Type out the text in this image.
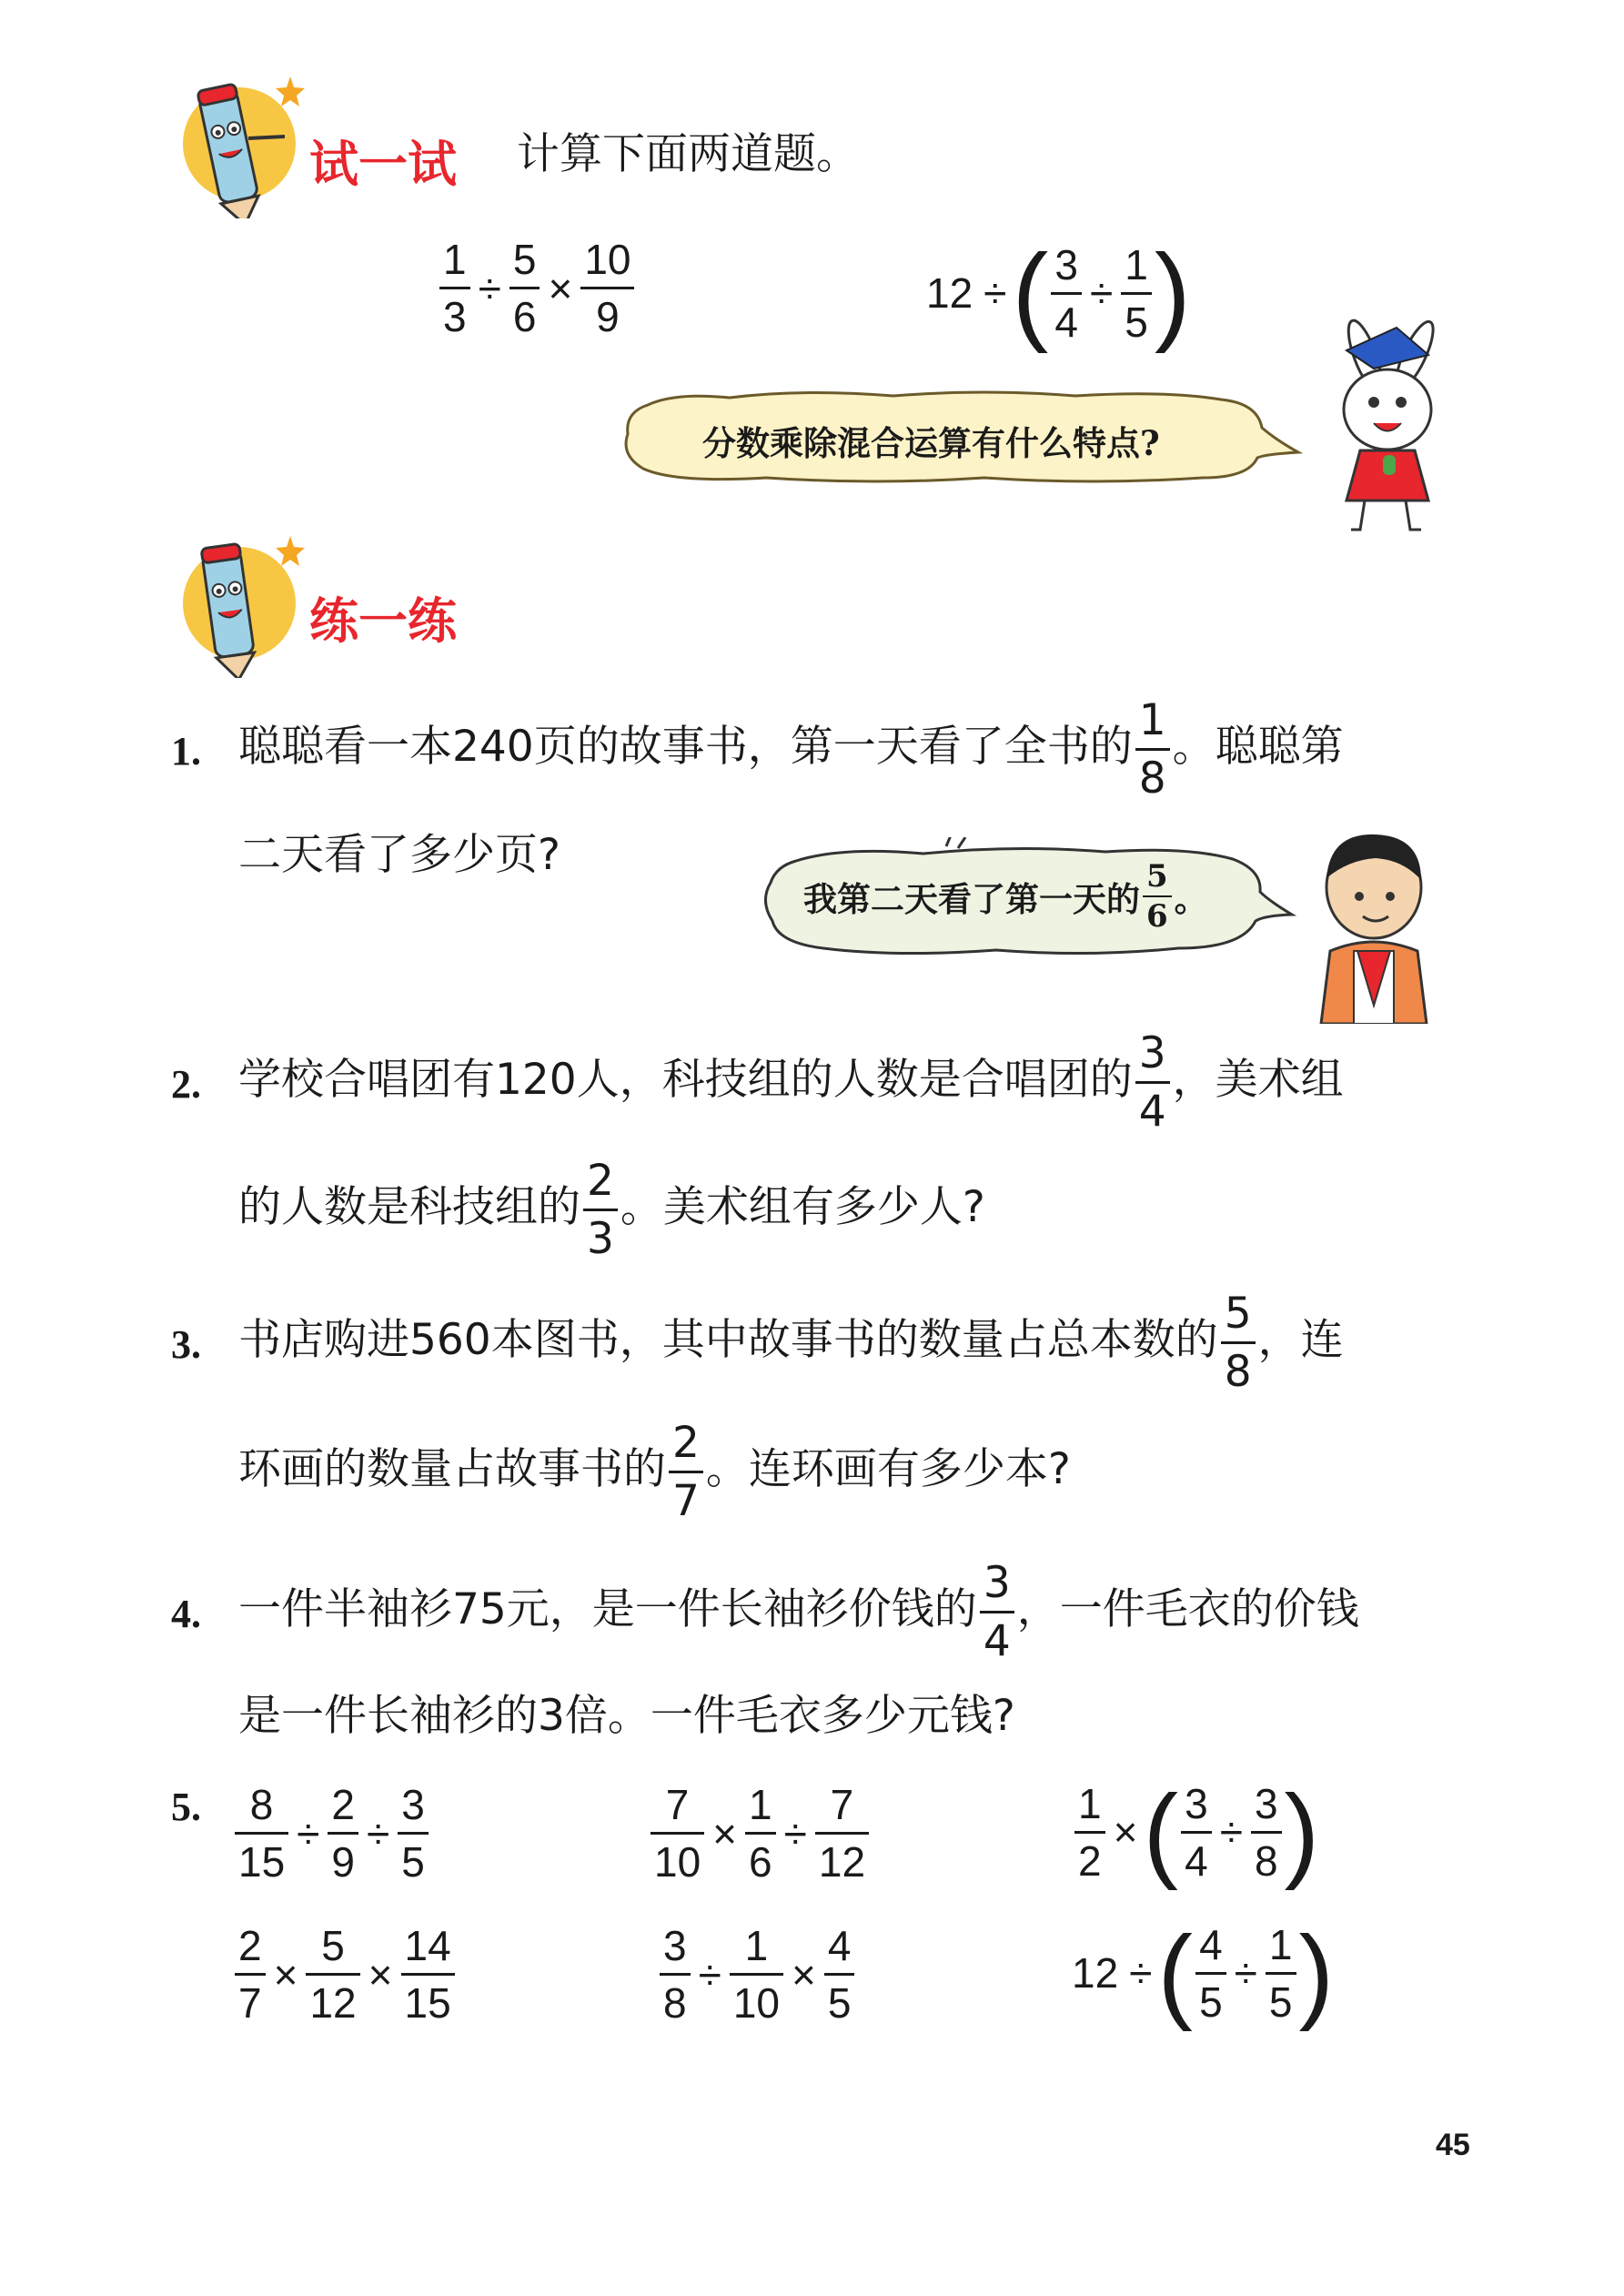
试一试 计算下面两道题。
$\frac{1}{3} \div \frac{5}{6} \times \frac{10}{9}$	12 ÷( $\frac{3}{4} \div \frac{1}{5}$ )
分数乘除混合运算有什么特点?
练一练
1. 聪聪看一本240页的故事书，第一天看了全书的 $\frac{1}{8}$ 。聪聪第
二天看了多少页?
我第二天看了第一天的 $\frac{5}{6}$ 。
2. 学校合唱团有120人，科技组的人数是合唱团的 $\frac{3}{4}$ ，美术组
的人数是科技组的 $\frac{2}{3}$ 。美术组有多少人?
3. 书店购进560本图书，其中故事书的数量占总本数的 $\frac{5}{8}$ ，连
环画的数量占故事书的 $\frac{2}{7}$ 。连环画有多少本?
4. 一件半袖衫75元，是一件长袖衫价钱的 $\frac{3}{4}$ ，一件毛衣的价钱
是一件长袖衫的3倍。一件毛衣多少元钱?
5. $\frac{8}{15} \div \frac{2}{9} \div \frac{3}{5}$	$\frac{7}{10} \times \frac{1}{6} \div \frac{7}{12}$	$\frac{1}{2}$ ×( $\frac{3}{4} \div \frac{3}{8}$ )
$\frac{2}{7} \times \frac{5}{12} \times \frac{14}{15}$	$\frac{3}{8} \div \frac{1}{10} \times \frac{4}{5}$	12 ÷( $\frac{4}{5} \div \frac{1}{5}$ )
45
